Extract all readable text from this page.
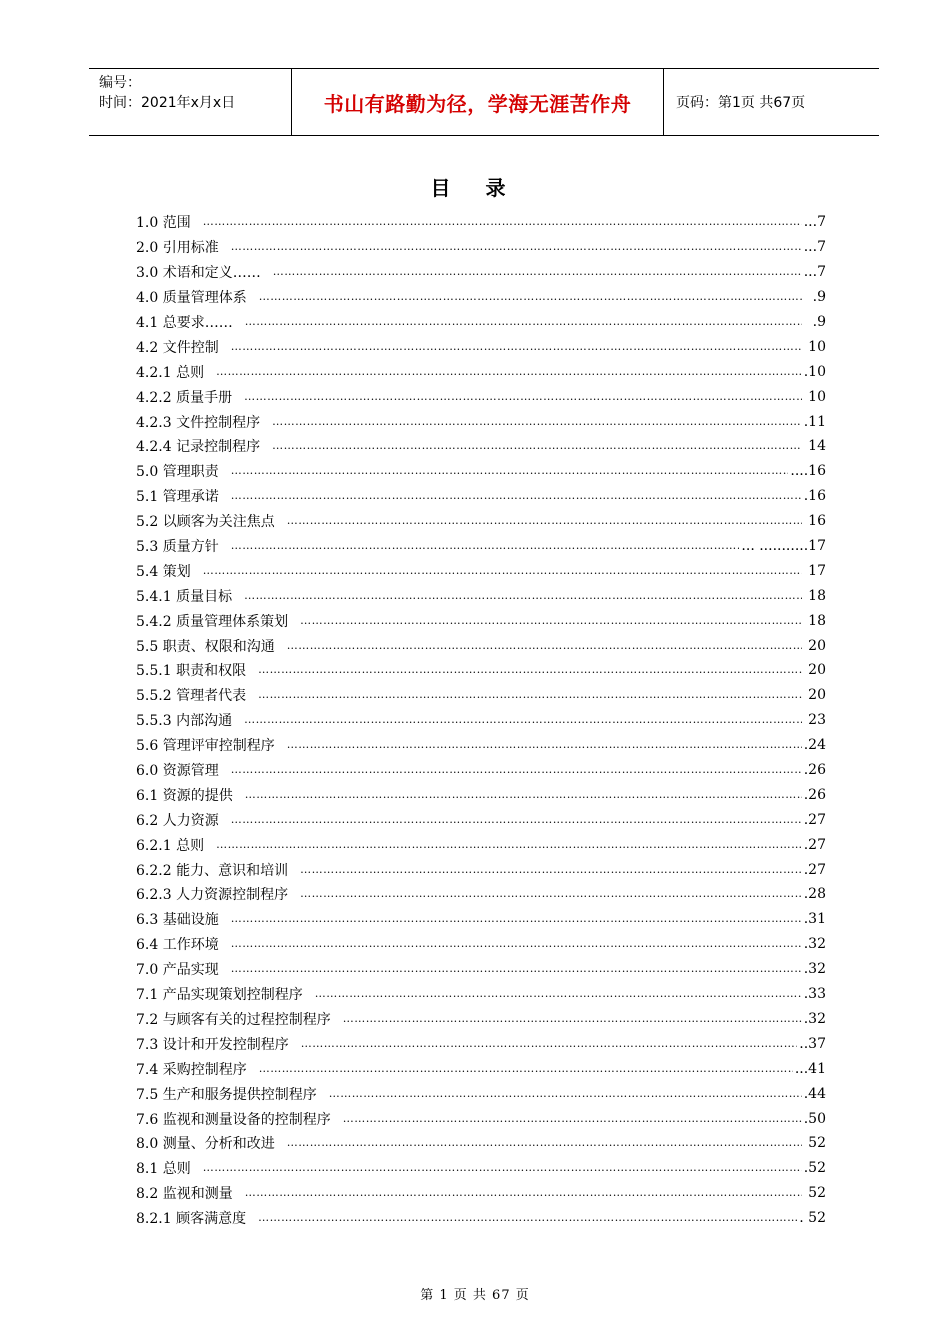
编号：
时间：2021年x月x日	书山有路勤为径，学海无涯苦作舟	页码：第1页 共67页
目 录
1.0 范围 ……………………………………………………………………………………………………………………………………………………………………………………………………………………	...7
2.0 引用标准 ……………………………………………………………………………………………………………………………………………………………………………………………………………………	...7
3.0 术语和定义…… ……………………………………………………………………………………………………………………………………………………………………………………………………………………	...7
4.0 质量管理体系 ……………………………………………………………………………………………………………………………………………………………………………………………………………………	.9
4.1 总要求…… ……………………………………………………………………………………………………………………………………………………………………………………………………………………	.9
4.2 文件控制 ……………………………………………………………………………………………………………………………………………………………………………………………………………………	10
4.2.1 总则 ……………………………………………………………………………………………………………………………………………………………………………………………………………………	.10
4.2.2 质量手册 ……………………………………………………………………………………………………………………………………………………………………………………………………………………	10
4.2.3 文件控制程序 ……………………………………………………………………………………………………………………………………………………………………………………………………………………	.11
4.2.4 记录控制程序 ……………………………………………………………………………………………………………………………………………………………………………………………………………………	14
5.0 管理职责 ……………………………………………………………………………………………………………………………………………………………………………………………………………………	....16
5.1 管理承诺 ……………………………………………………………………………………………………………………………………………………………………………………………………………………	.16
5.2 以顾客为关注焦点 ……………………………………………………………………………………………………………………………………………………………………………………………………………………	16
5.3 质量方针 ……………………………………………………………………………………………………………………………………………………………………………………………………………………	... ...........17
5.4 策划 ……………………………………………………………………………………………………………………………………………………………………………………………………………………	17
5.4.1 质量目标 ……………………………………………………………………………………………………………………………………………………………………………………………………………………	18
5.4.2 质量管理体系策划 ……………………………………………………………………………………………………………………………………………………………………………………………………………………	18
5.5 职责、权限和沟通 ……………………………………………………………………………………………………………………………………………………………………………………………………………………	20
5.5.1 职责和权限 ……………………………………………………………………………………………………………………………………………………………………………………………………………………	20
5.5.2 管理者代表 ……………………………………………………………………………………………………………………………………………………………………………………………………………………	20
5.5.3 内部沟通 ……………………………………………………………………………………………………………………………………………………………………………………………………………………	23
5.6 管理评审控制程序 ……………………………………………………………………………………………………………………………………………………………………………………………………………………	.24
6.0 资源管理 ……………………………………………………………………………………………………………………………………………………………………………………………………………………	.26
6.1 资源的提供 ……………………………………………………………………………………………………………………………………………………………………………………………………………………	.26
6.2 人力资源 ……………………………………………………………………………………………………………………………………………………………………………………………………………………	.27
6.2.1 总则 ……………………………………………………………………………………………………………………………………………………………………………………………………………………	.27
6.2.2 能力、意识和培训 ……………………………………………………………………………………………………………………………………………………………………………………………………………………	.27
6.2.3 人力资源控制程序 ……………………………………………………………………………………………………………………………………………………………………………………………………………………	.28
6.3 基础设施 ……………………………………………………………………………………………………………………………………………………………………………………………………………………	.31
6.4 工作环境 ……………………………………………………………………………………………………………………………………………………………………………………………………………………	.32
7.0 产品实现 ……………………………………………………………………………………………………………………………………………………………………………………………………………………	.32
7.1 产品实现策划控制程序 ……………………………………………………………………………………………………………………………………………………………………………………………………………………	.33
7.2 与顾客有关的过程控制程序 ……………………………………………………………………………………………………………………………………………………………………………………………………………………	.32
7.3 设计和开发控制程序 ……………………………………………………………………………………………………………………………………………………………………………………………………………………	..37
7.4 采购控制程序 ……………………………………………………………………………………………………………………………………………………………………………………………………………………	...41
7.5 生产和服务提供控制程序 ……………………………………………………………………………………………………………………………………………………………………………………………………………………	.44
7.6 监视和测量设备的控制程序 ……………………………………………………………………………………………………………………………………………………………………………………………………………………	.50
8.0 测量、分析和改进 ……………………………………………………………………………………………………………………………………………………………………………………………………………………	52
8.1 总则 ……………………………………………………………………………………………………………………………………………………………………………………………………………………	.52
8.2 监视和测量 ……………………………………………………………………………………………………………………………………………………………………………………………………………………	52
8.2.1 顾客满意度 ……………………………………………………………………………………………………………………………………………………………………………………………………………………	. 52
第 1 页 共 67 页
